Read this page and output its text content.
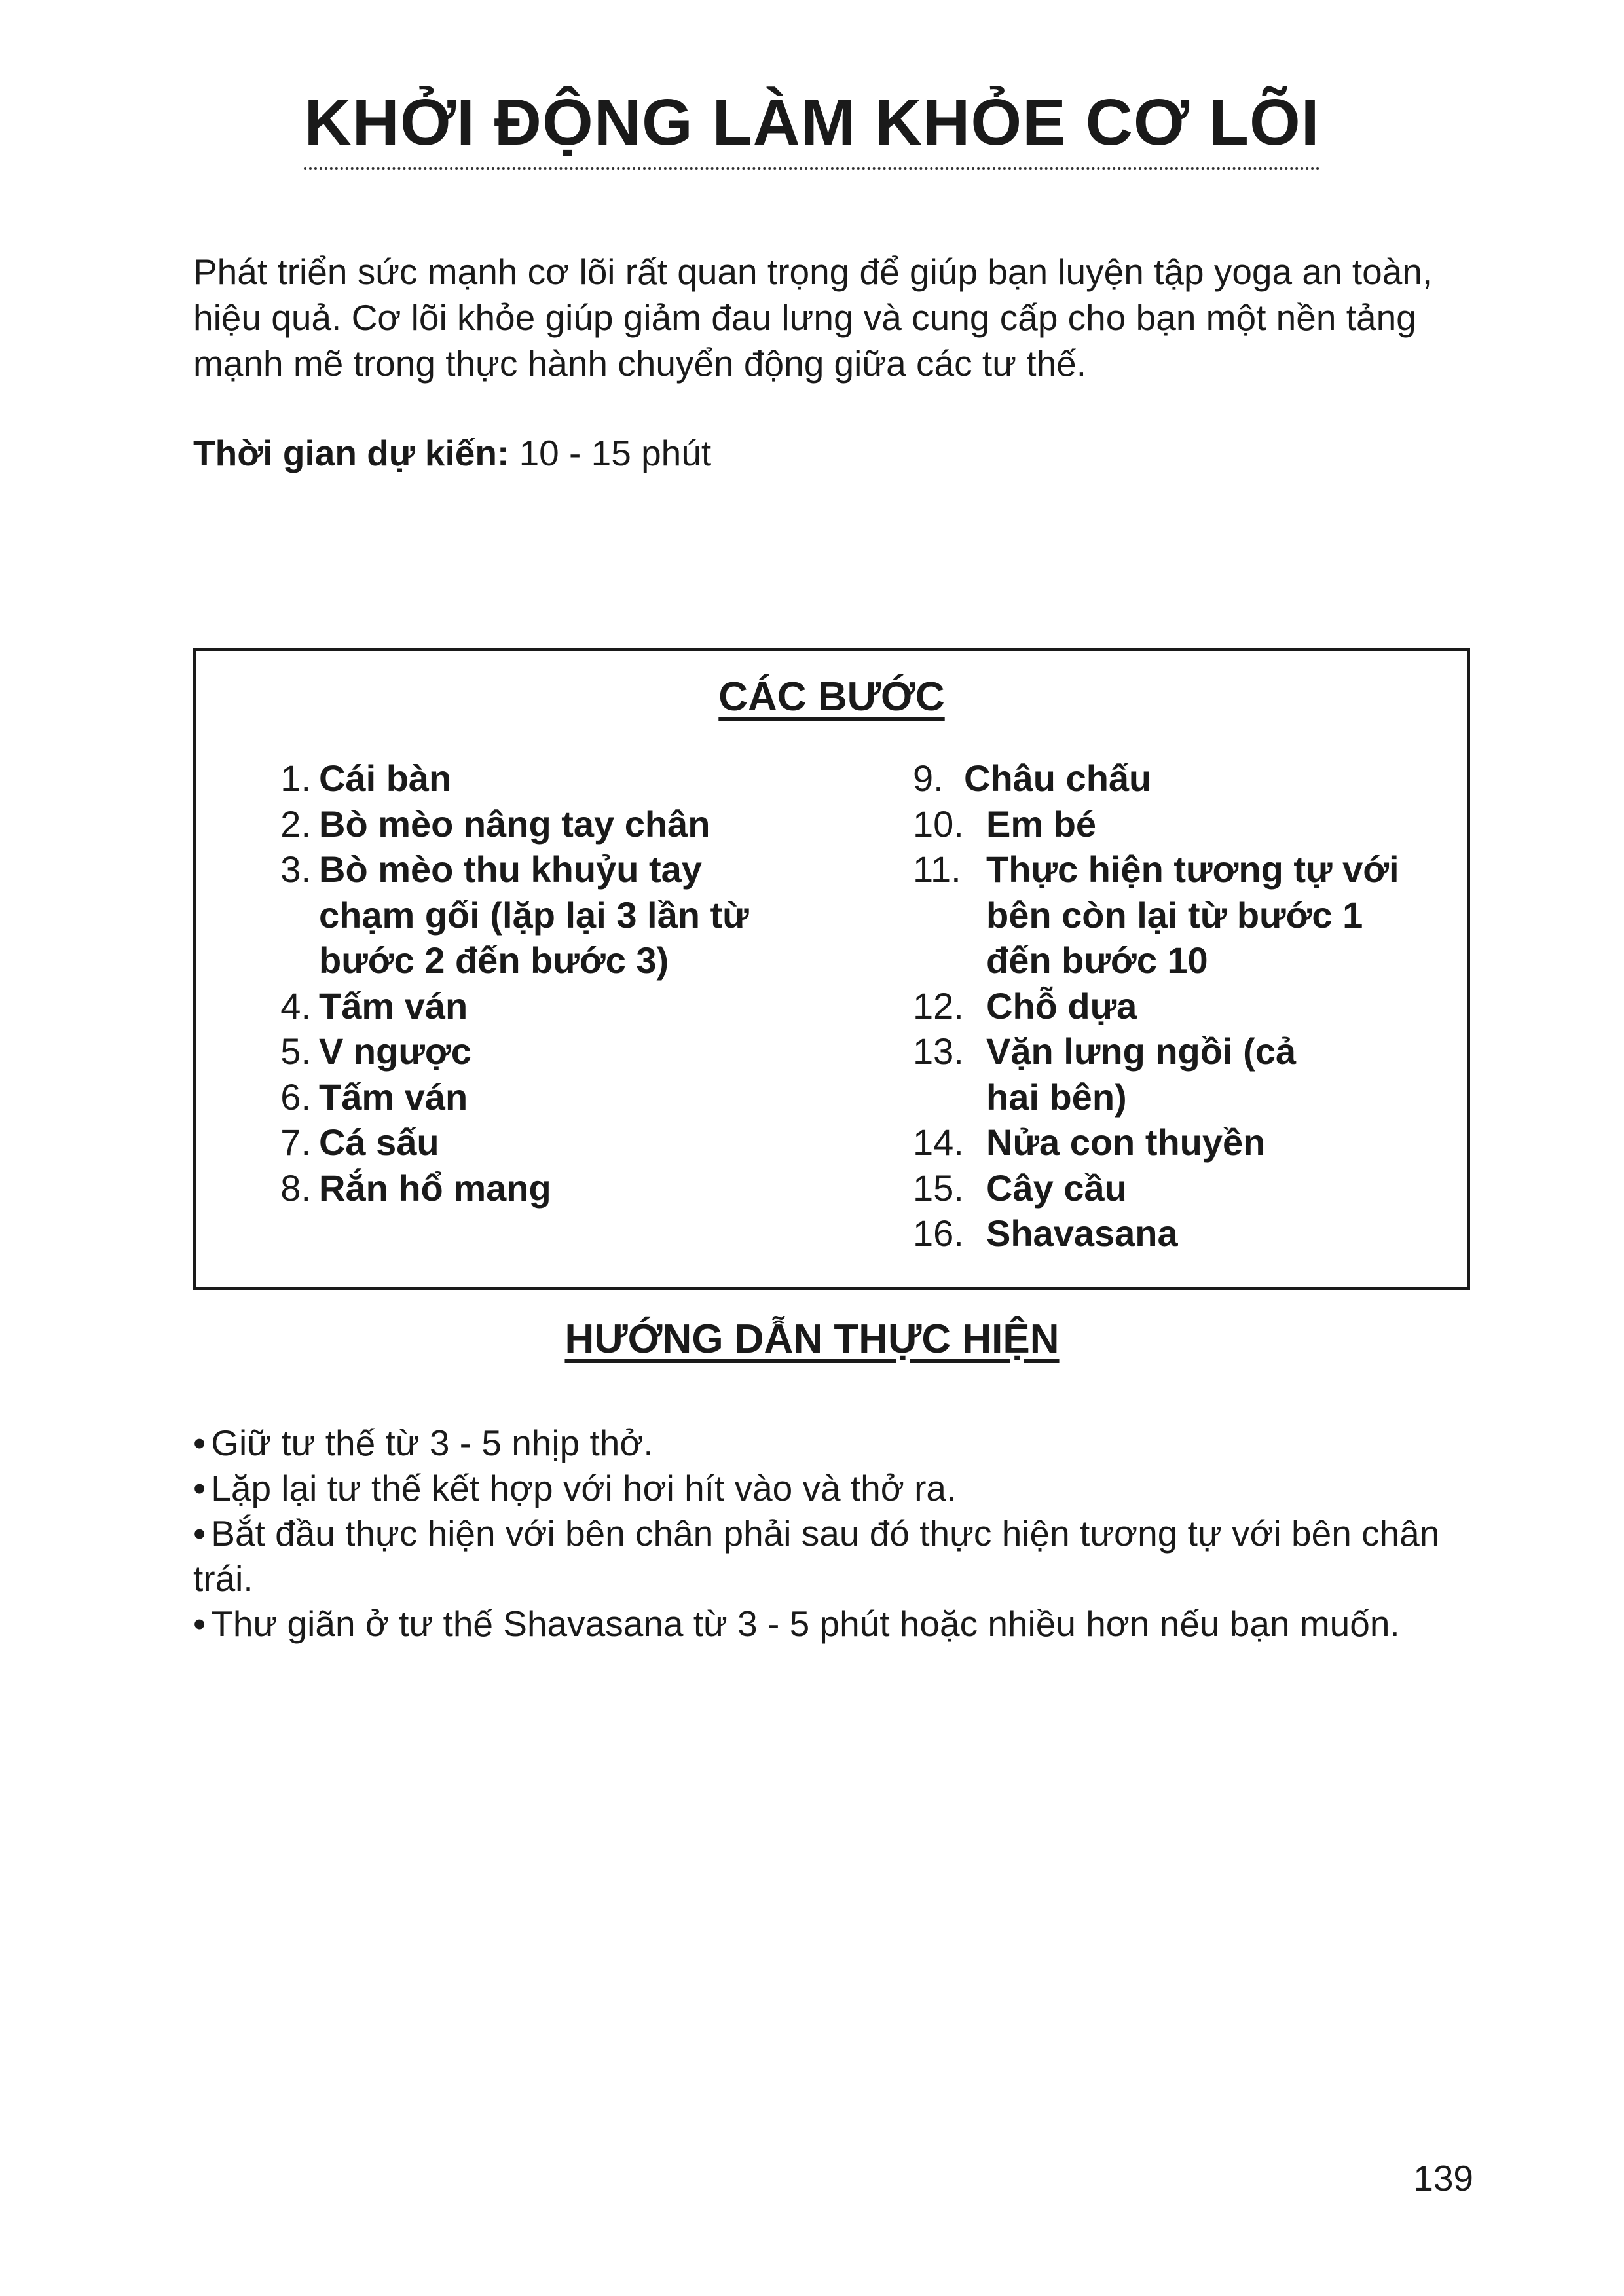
KHỞI ĐỘNG LÀM KHỎE CƠ LÕI

Phát triển sức mạnh cơ lõi rất quan trọng để giúp bạn luyện tập yoga an toàn, hiệu quả. Cơ lõi khỏe giúp giảm đau lưng và cung cấp cho bạn một nền tảng mạnh mẽ trong thực hành chuyển động giữa các tư thế.

Thời gian dự kiến: 10 - 15 phút

CÁC BƯỚC
1. Cái bàn
2. Bò mèo nâng tay chân
3. Bò mèo thu khuỷu tay chạm gối (lặp lại 3 lần từ bước 2 đến bước 3)
4. Tấm ván
5. V ngược
6. Tấm ván
7. Cá sấu
8. Rắn hổ mang
9. Châu chấu
10. Em bé
11. Thực hiện tương tự với bên còn lại từ bước 1 đến bước 10
12. Chỗ dựa
13. Vặn lưng ngồi (cả hai bên)
14. Nửa con thuyền
15. Cây cầu
16. Shavasana
HƯỚNG DẪN THỰC HIỆN
• Giữ tư thế từ 3 - 5 nhịp thở.
• Lặp lại tư thế kết hợp với hơi hít vào và thở ra.
• Bắt đầu thực hiện với bên chân phải sau đó thực hiện tương tự với bên chân trái.
• Thư giãn ở tư thế Shavasana từ 3 - 5 phút hoặc nhiều hơn nếu bạn muốn.

139
